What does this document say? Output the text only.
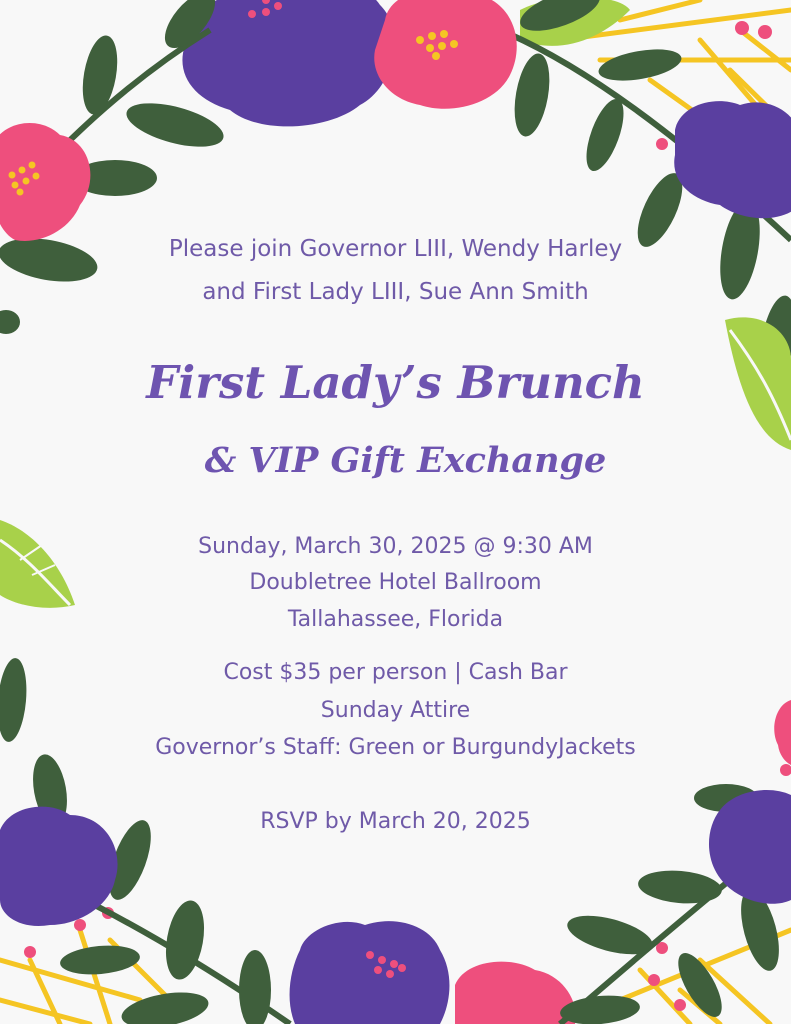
Please join Governor LIII, Wendy Harley
and First Lady LIII, Sue Ann Smith
First Lady’s Brunch
& VIP Gift Exchange
Sunday, March 30, 2025 @ 9:30 AM
Doubletree Hotel Ballroom
Tallahassee, Florida
Cost $35 per person | Cash Bar
Sunday Attire
Governor’s Staff: Green or BurgundyJackets
RSVP by March 20, 2025
